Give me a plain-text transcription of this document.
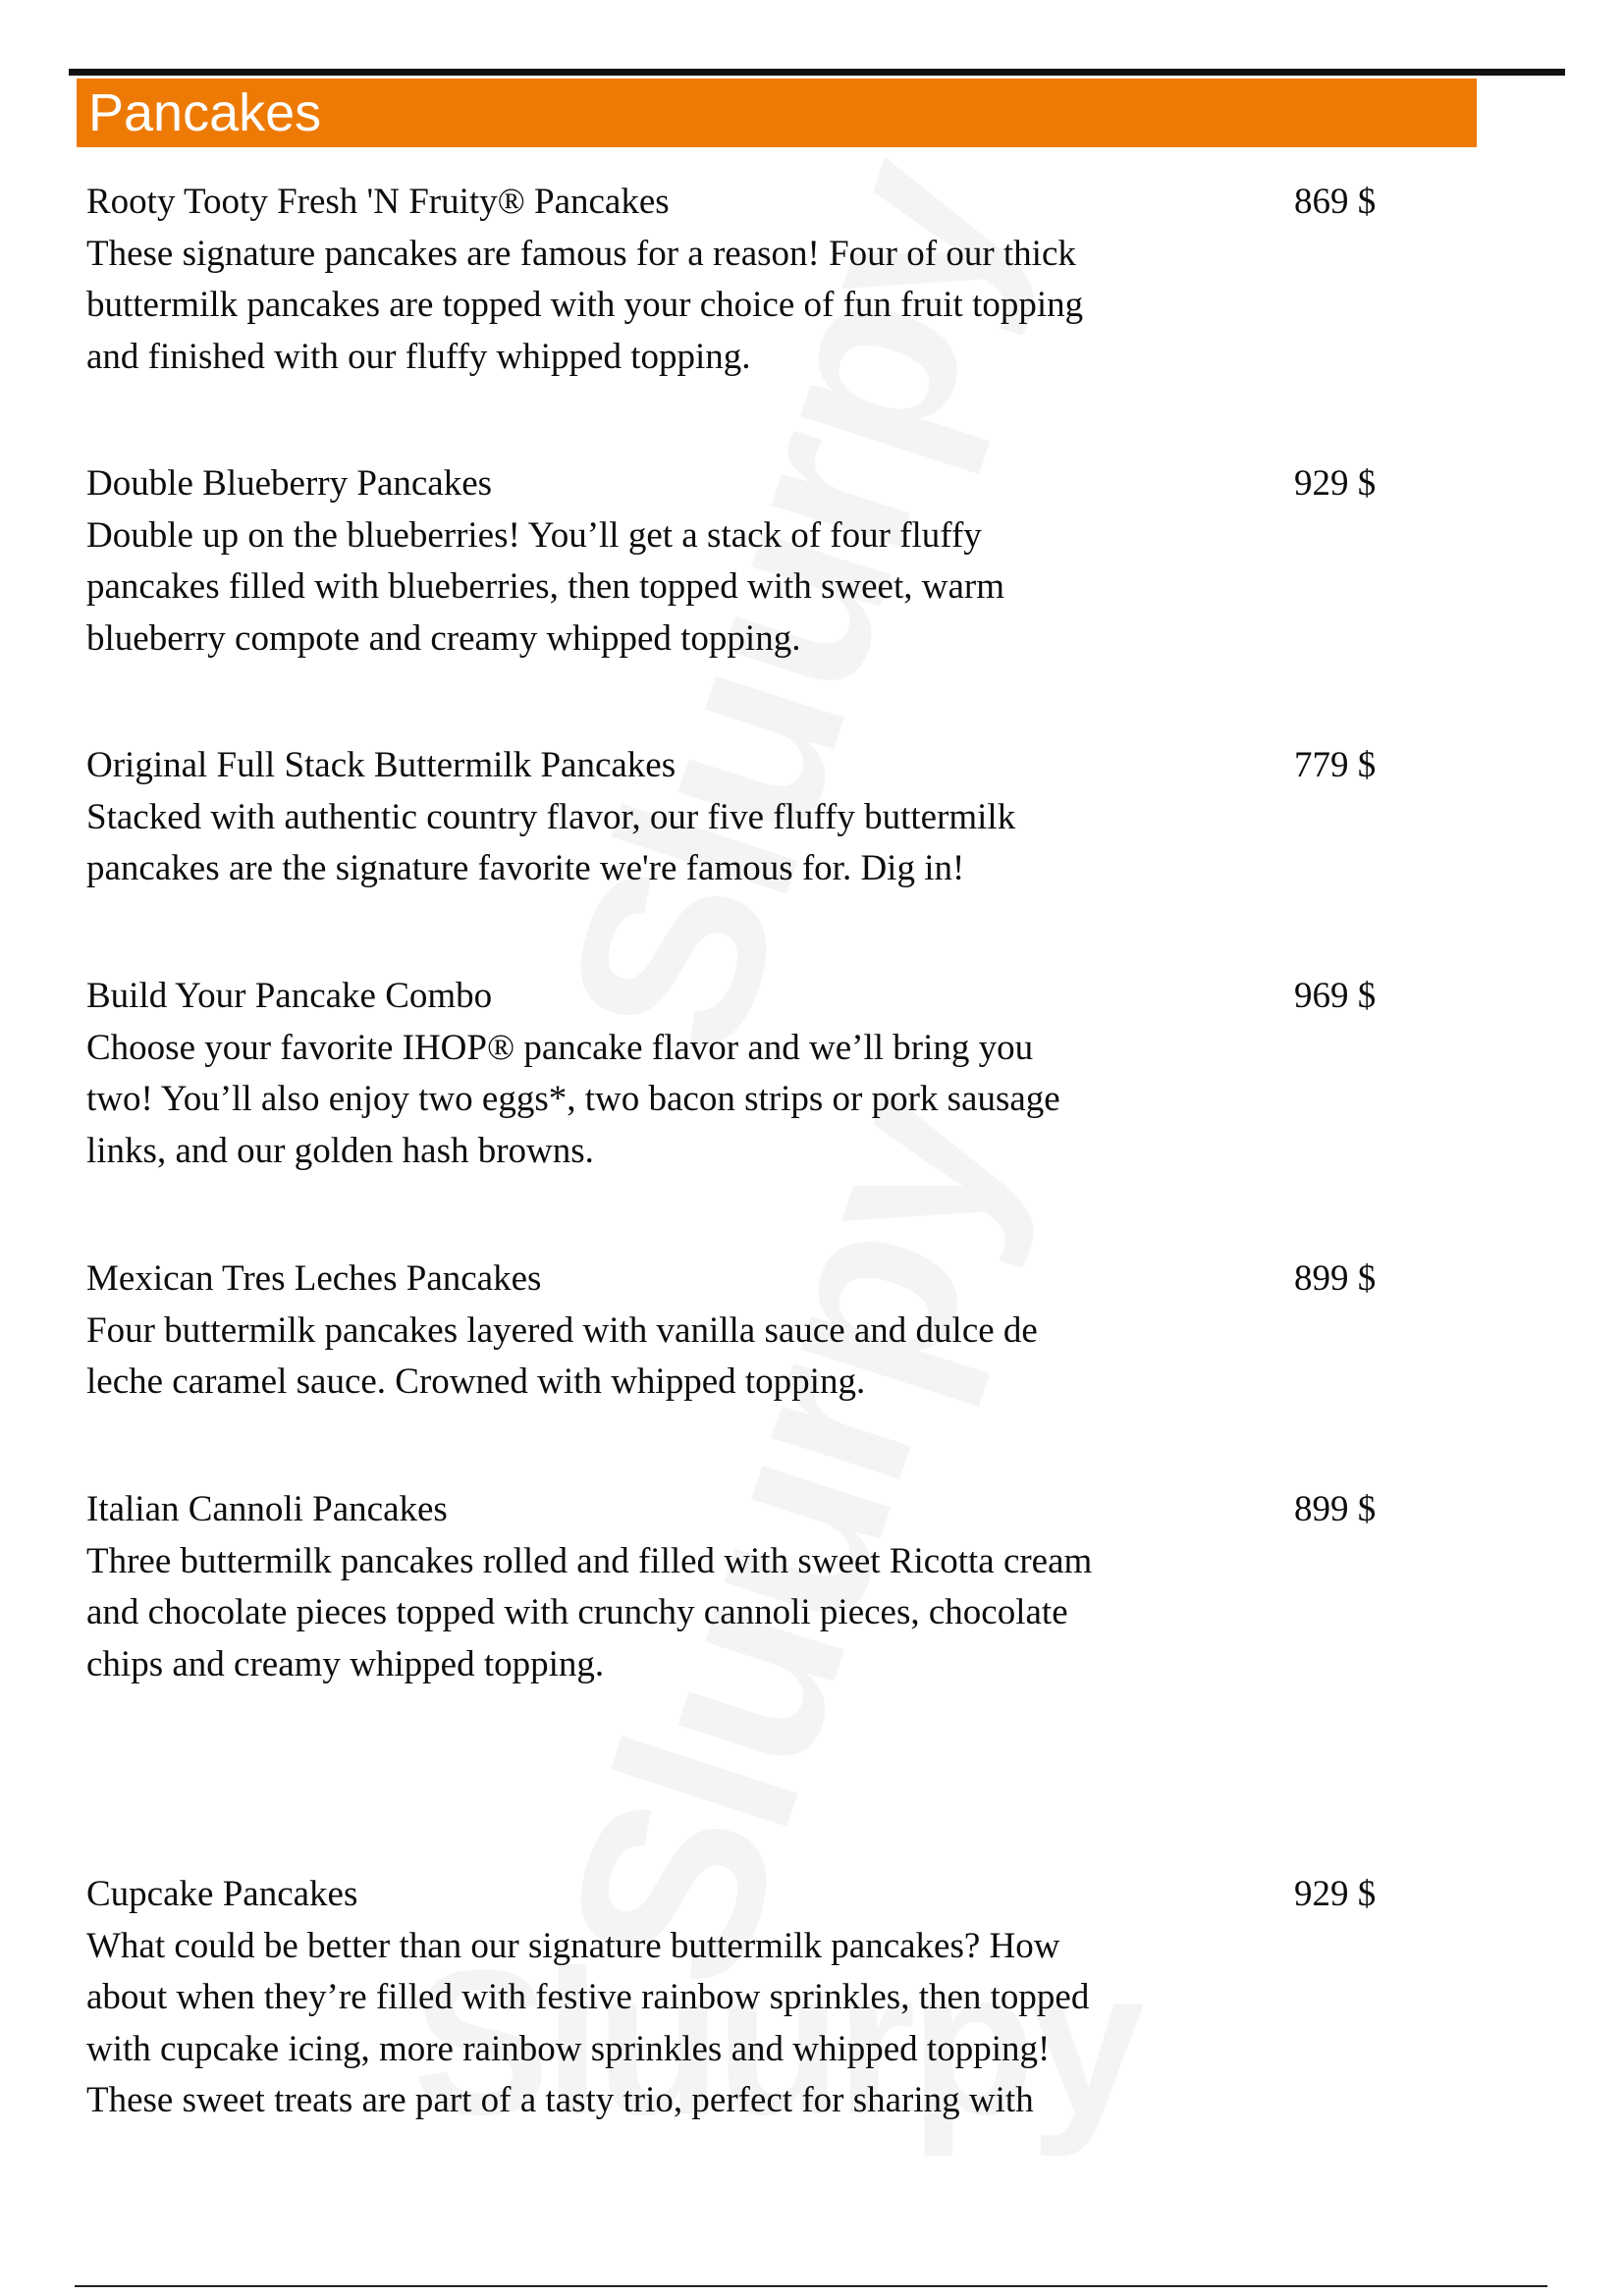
Pancakes
Rooty Tooty Fresh 'N Fruity® Pancakes	869 $
These signature pancakes are famous for a reason! Four of our thick
buttermilk pancakes are topped with your choice of fun fruit topping
and finished with our fluffy whipped topping.
Double Blueberry Pancakes	929 $
Double up on the blueberries! You’ll get a stack of four fluffy
pancakes filled with blueberries, then topped with sweet, warm
blueberry compote and creamy whipped topping.
Original Full Stack Buttermilk Pancakes	779 $
Stacked with authentic country flavor, our five fluffy buttermilk
pancakes are the signature favorite we're famous for. Dig in!
Build Your Pancake Combo	969 $
Choose your favorite IHOP® pancake flavor and we’ll bring you
two! You’ll also enjoy two eggs*, two bacon strips or pork sausage
links, and our golden hash browns.
Mexican Tres Leches Pancakes	899 $
Four buttermilk pancakes layered with vanilla sauce and dulce de
leche caramel sauce. Crowned with whipped topping.
Italian Cannoli Pancakes	899 $
Three buttermilk pancakes rolled and filled with sweet Ricotta cream
and chocolate pieces topped with crunchy cannoli pieces, chocolate
chips and creamy whipped topping.
Cupcake Pancakes	929 $
What could be better than our signature buttermilk pancakes? How
about when they’re filled with festive rainbow sprinkles, then topped
with cupcake icing, more rainbow sprinkles and whipped topping!
These sweet treats are part of a tasty trio, perfect for sharing with
